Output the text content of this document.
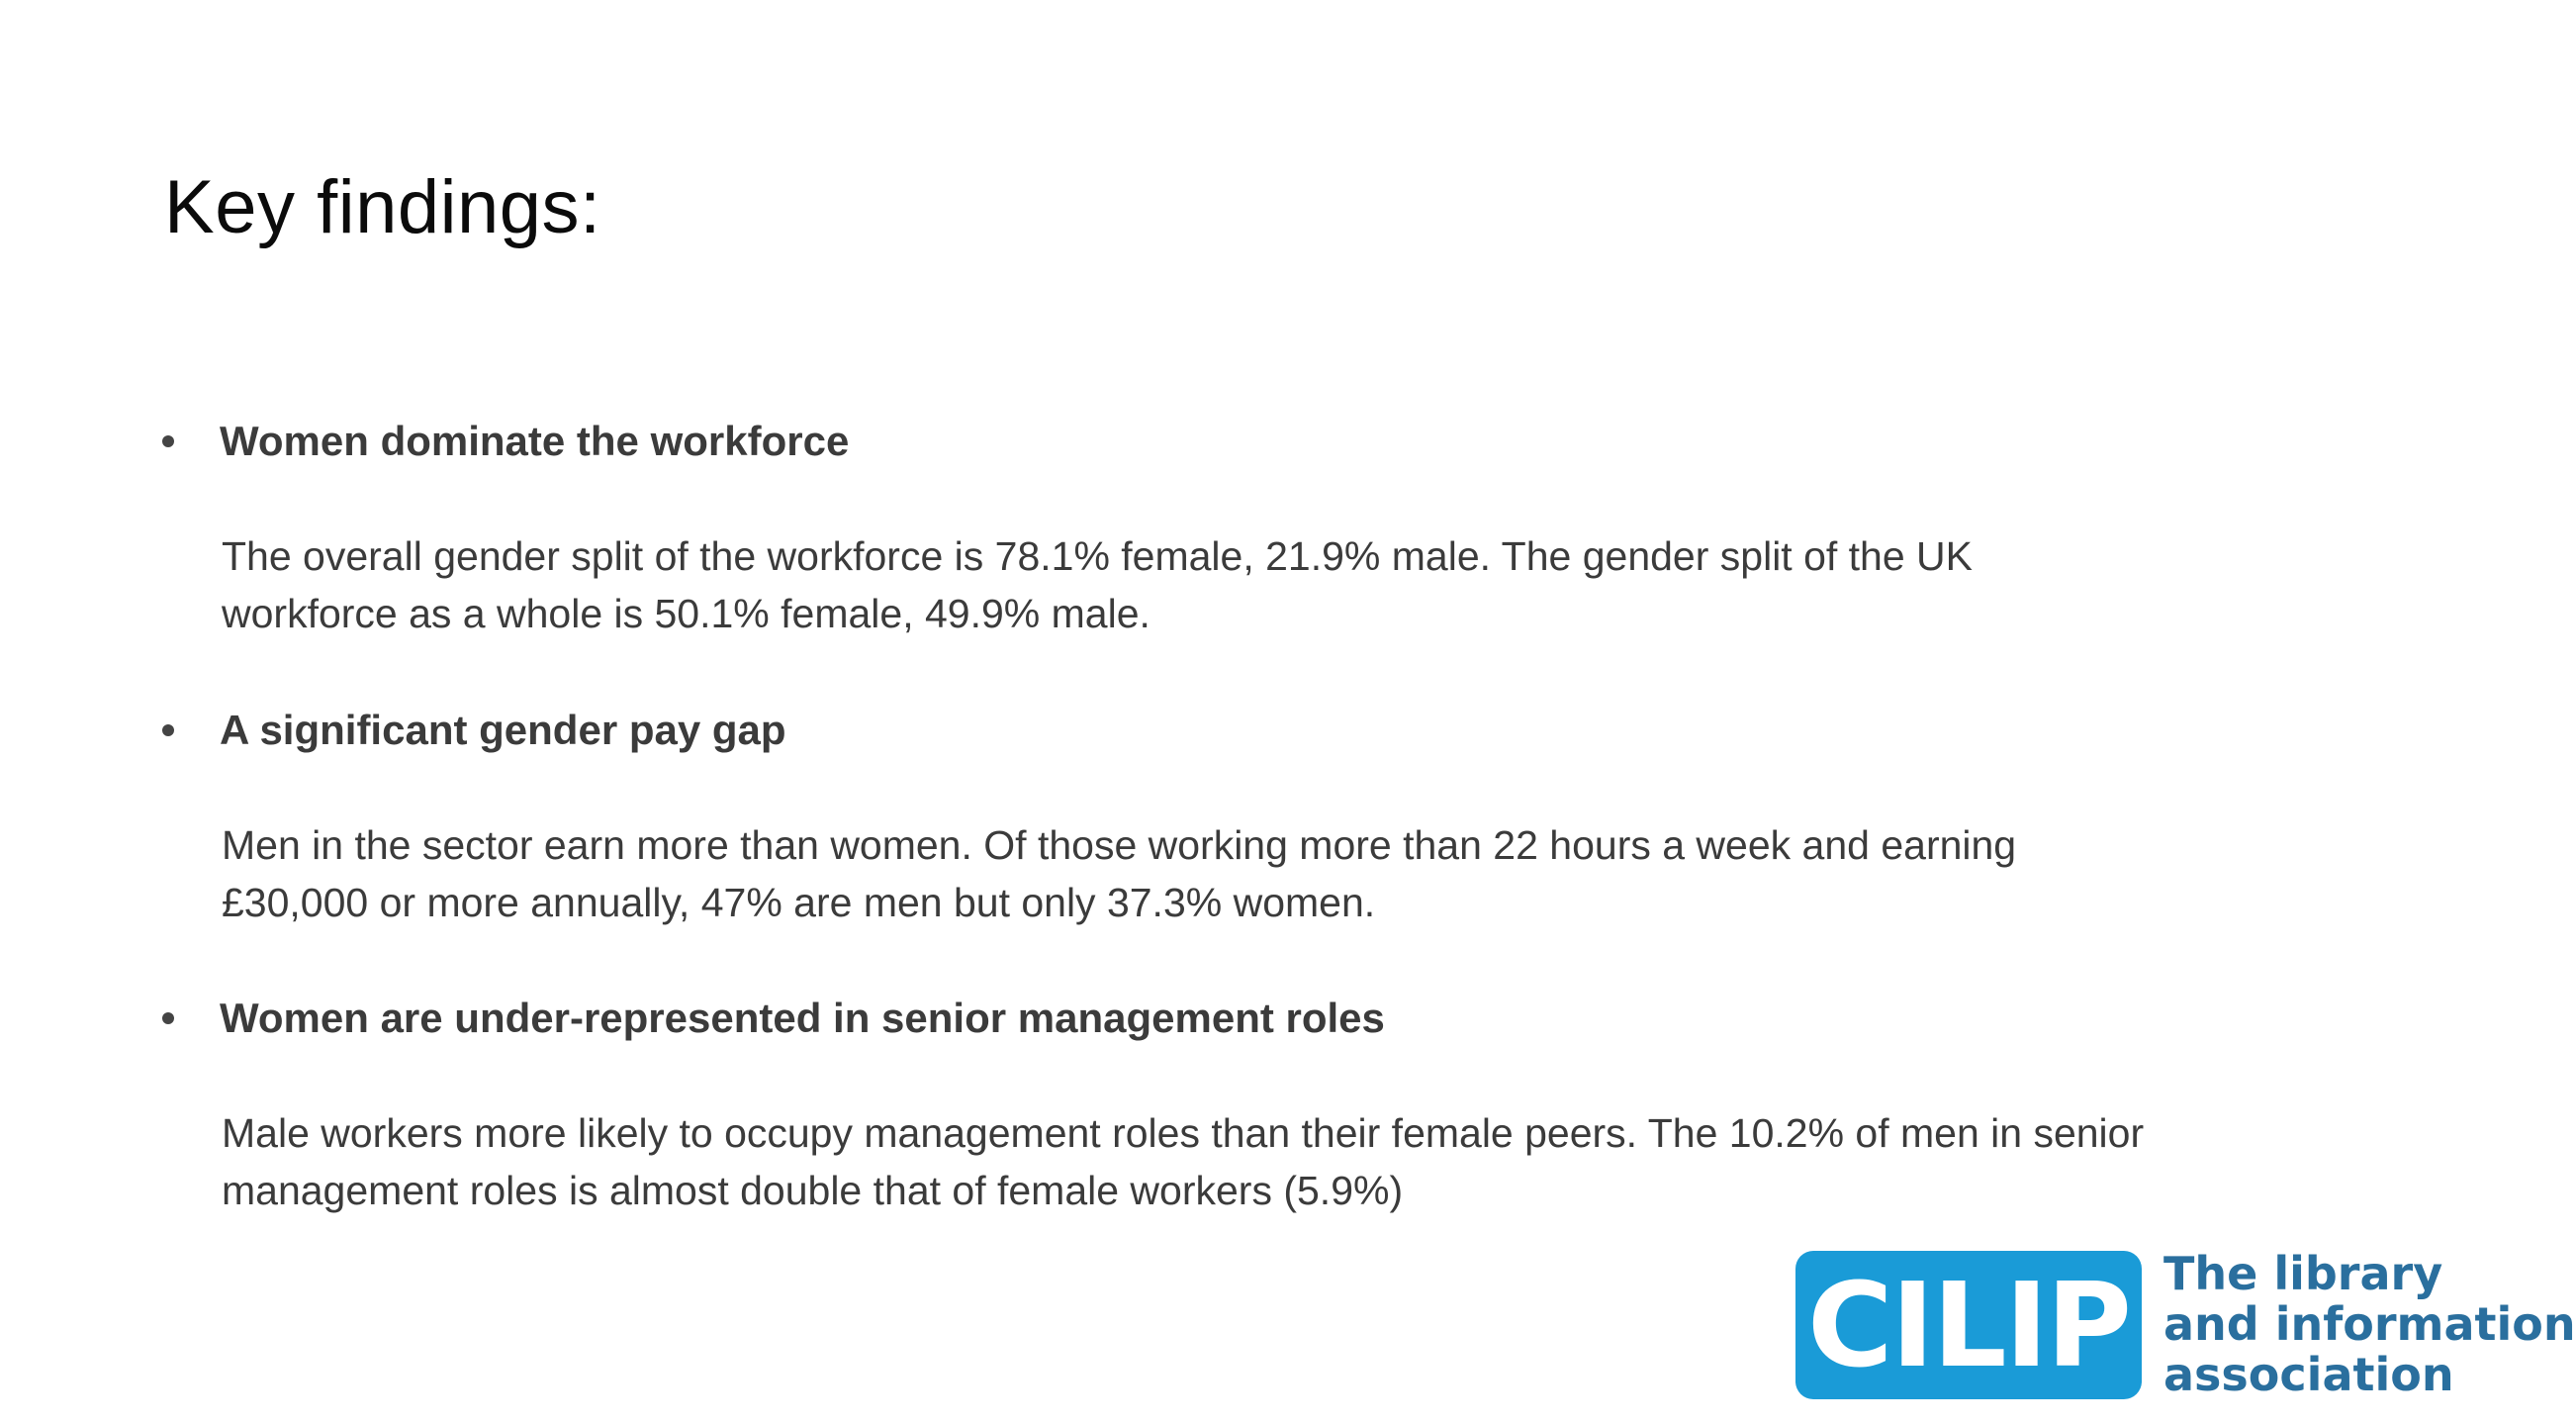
Key findings:
Women dominate the workforce
The overall gender split of the workforce is 78.1% female, 21.9% male. The gender split of the UK
workforce as a whole is 50.1% female, 49.9% male.
A significant gender pay gap
Men in the sector earn more than women. Of those working more than 22 hours a week and earning
£30,000 or more annually, 47% are men but only 37.3% women.
Women are under-represented in senior management roles
Male workers more likely to occupy management roles than their female peers. The 10.2% of men in senior
management roles is almost double that of female workers (5.9%)
CILIP The library
and information
association
